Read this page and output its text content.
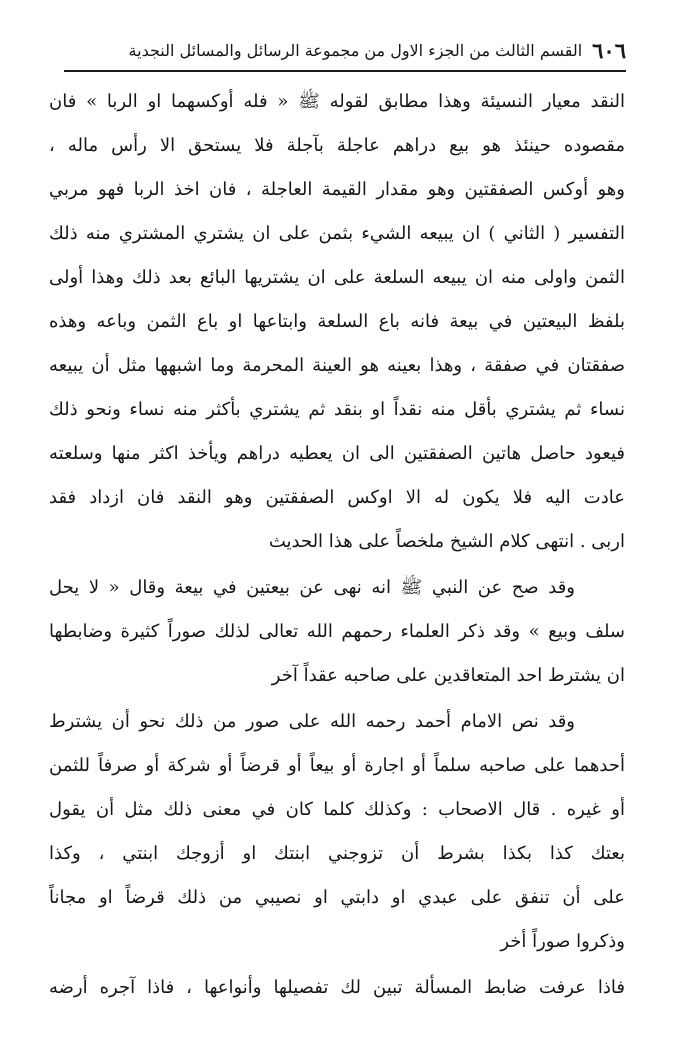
٦٠٦
القسم الثالث من الجزء الاول من مجموعة الرسائل والمسائل النجدية
النقد معيار النسيئة وهذا مطابق لقوله ﷺ « فله أوكسهما او الربا » فان
مقصوده حينئذ هو بيع دراهم عاجلة بآجلة فلا يستحق الا رأس ماله ،
وهو أوكس الصفقتين وهو مقدار القيمة العاجلة ، فان اخذ الربا فهو مربي
التفسير ( الثاني ) ان يبيعه الشيء بثمن على ان يشتري المشتري منه ذلك
الثمن واولى منه ان يبيعه السلعة على ان يشتريها البائع بعد ذلك وهذا أولى
بلفظ البيعتين في بيعة فانه باع السلعة وابتاعها او باع الثمن وباعه وهذه
صفقتان في صفقة ، وهذا بعينه هو العينة المحرمة وما اشبهها مثل أن يبيعه
نساء ثم يشتري بأقل منه نقداً او بنقد ثم يشتري بأكثر منه نساء ونحو ذلك
فيعود حاصل هاتين الصفقتين الى ان يعطيه دراهم ويأخذ اكثر منها وسلعته
عادت اليه فلا يكون له الا اوكس الصفقتين وهو النقد فان ازداد فقد
اربى . انتهى كلام الشيخ ملخصاً على هذا الحديث
وقد صح عن النبي ﷺ انه نهى عن بيعتين في بيعة وقال « لا يحل
سلف وبيع » وقد ذكر العلماء رحمهم الله تعالى لذلك صوراً كثيرة وضابطها
ان يشترط احد المتعاقدين على صاحبه عقداً آخر
وقد نص الامام أحمد رحمه الله على صور من ذلك نحو أن يشترط
أحدهما على صاحبه سلماً أو اجارة أو بيعاً أو قرضاً أو شركة أو صرفاً للثمن
أو غيره . قال الاصحاب : وكذلك كلما كان في معنى ذلك مثل أن يقول
بعتك كذا بكذا بشرط أن تزوجني ابنتك او أزوجك ابنتي ، وكذا
على أن تنفق على عبدي او دابتي او نصيبي من ذلك قرضاً او مجاناً
وذكروا صوراً أخر
فاذا عرفت ضابط المسألة تبين لك تفصيلها وأنواعها ، فاذا آجره أرضه
